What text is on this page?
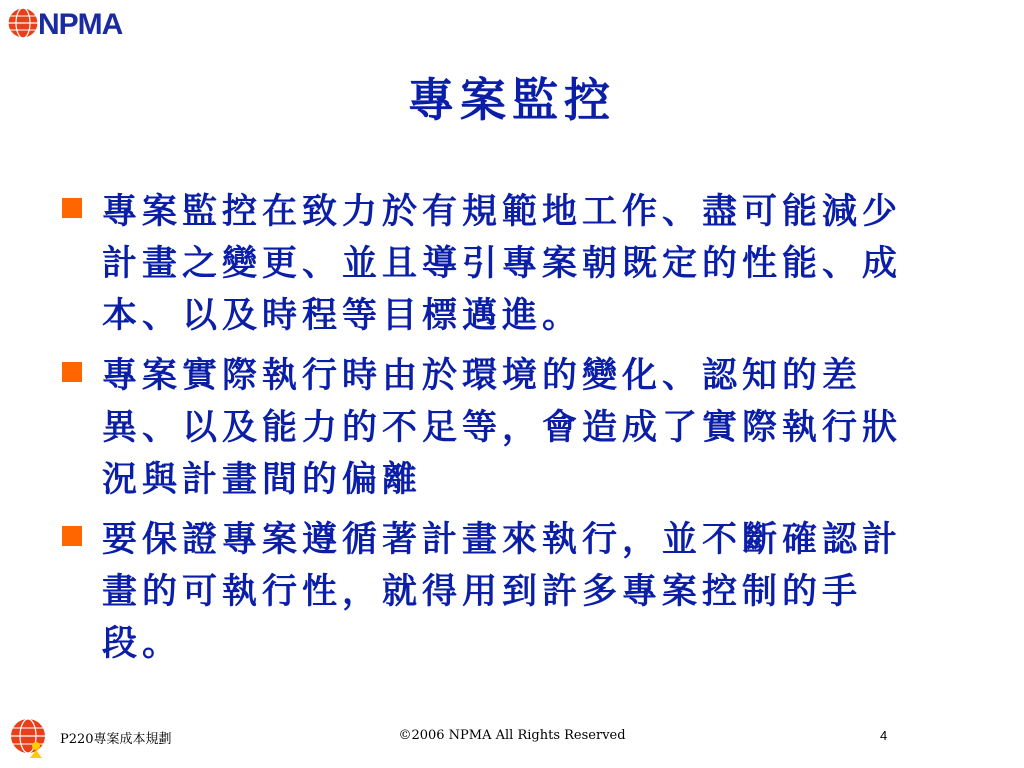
NPMA
專案監控
專案監控在致力於有規範地工作、盡可能減少計畫之變更、並且導引專案朝既定的性能、成本、以及時程等目標邁進。
專案實際執行時由於環境的變化、認知的差異、以及能力的不足等，會造成了實際執行狀況與計畫間的偏離
要保證專案遵循著計畫來執行，並不斷確認計畫的可執行性，就得用到許多專案控制的手段。
P220專案成本規劃	©2006 NPMA All Rights Reserved	4
